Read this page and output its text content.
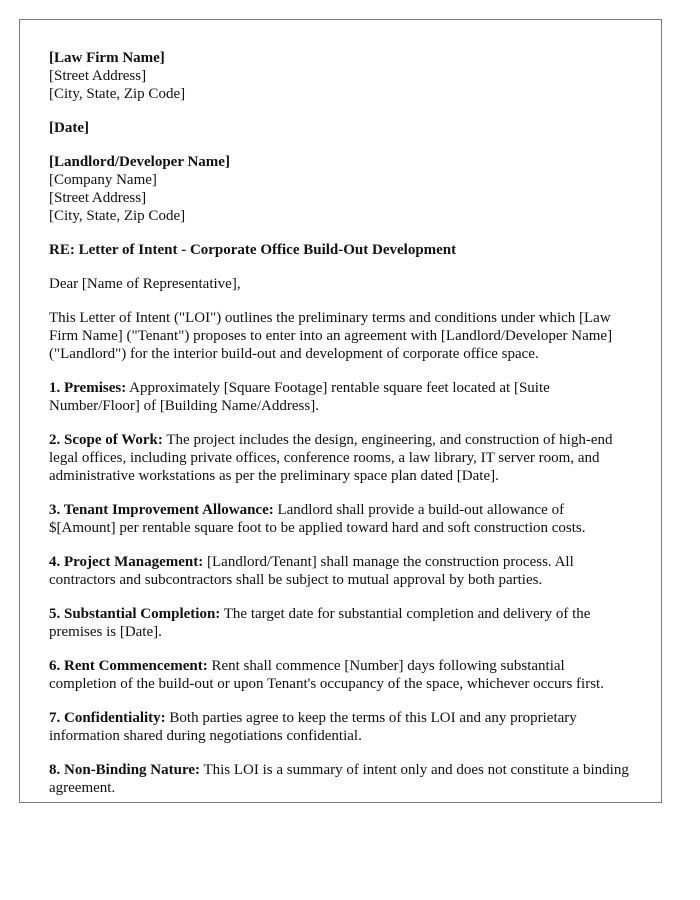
[Law Firm Name]
[Street Address]
[City, State, Zip Code]
[Date]
[Landlord/Developer Name]
[Company Name]
[Street Address]
[City, State, Zip Code]
RE: Letter of Intent - Corporate Office Build-Out Development

Dear [Name of Representative],

This Letter of Intent ("LOI") outlines the preliminary terms and conditions under which [Law Firm Name] ("Tenant") proposes to enter into an agreement with [Landlord/Developer Name] ("Landlord") for the interior build-out and development of corporate office space.

1. Premises: Approximately [Square Footage] rentable square feet located at [Suite Number/Floor] of [Building Name/Address].

2. Scope of Work: The project includes the design, engineering, and construction of high-end legal offices, including private offices, conference rooms, a law library, IT server room, and administrative workstations as per the preliminary space plan dated [Date].

3. Tenant Improvement Allowance: Landlord shall provide a build-out allowance of $[Amount] per rentable square foot to be applied toward hard and soft construction costs.

4. Project Management: [Landlord/Tenant] shall manage the construction process. All contractors and subcontractors shall be subject to mutual approval by both parties.

5. Substantial Completion: The target date for substantial completion and delivery of the premises is [Date].

6. Rent Commencement: Rent shall commence [Number] days following substantial completion of the build-out or upon Tenant's occupancy of the space, whichever occurs first.

7. Confidentiality: Both parties agree to keep the terms of this LOI and any proprietary information shared during negotiations confidential.

8. Non-Binding Nature: This LOI is a summary of intent only and does not constitute a binding agreement.
